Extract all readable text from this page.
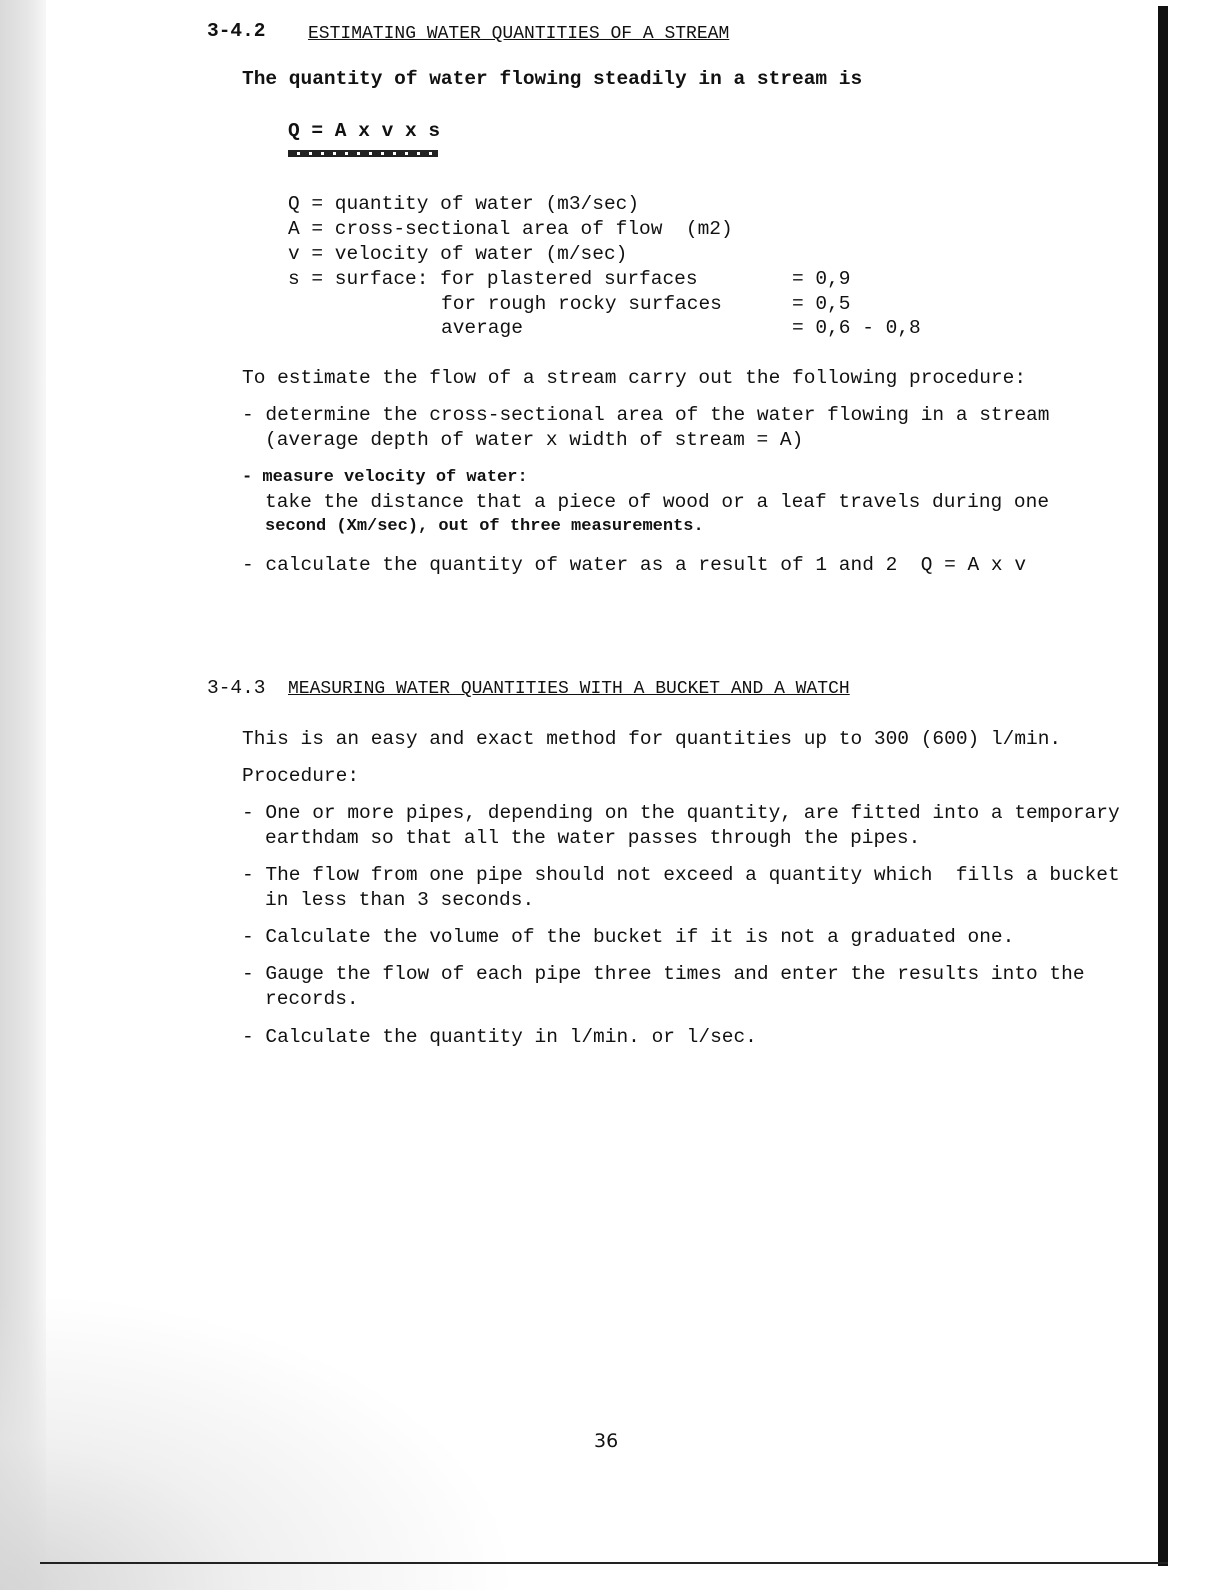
3-4.2 ESTIMATING WATER QUANTITIES OF A STREAM
The quantity of water flowing steadily in a stream is
Q = A x v x s
Q = quantity of water (m3/sec)
A = cross-sectional area of flow  (m2)
v = velocity of water (m/sec)
s = surface: for plastered surfaces
for rough rocky surfaces
average
= 0,9
= 0,5
= 0,6 - 0,8
To estimate the flow of a stream carry out the following procedure:
- determine the cross-sectional area of the water flowing in a stream
(average depth of water x width of stream = A)
- measure velocity of water:
take the distance that a piece of wood or a leaf travels during one
second (Xm/sec), out of three measurements.
- calculate the quantity of water as a result of 1 and 2  Q = A x v
3-4.3 MEASURING WATER QUANTITIES WITH A BUCKET AND A WATCH
This is an easy and exact method for quantities up to 300 (600) l/min.
Procedure:
- One or more pipes, depending on the quantity, are fitted into a temporary
earthdam so that all the water passes through the pipes.
- The flow from one pipe should not exceed a quantity which  fills a bucket
in less than 3 seconds.
- Calculate the volume of the bucket if it is not a graduated one.
- Gauge the flow of each pipe three times and enter the results into the
records.
- Calculate the quantity in l/min. or l/sec.
36
